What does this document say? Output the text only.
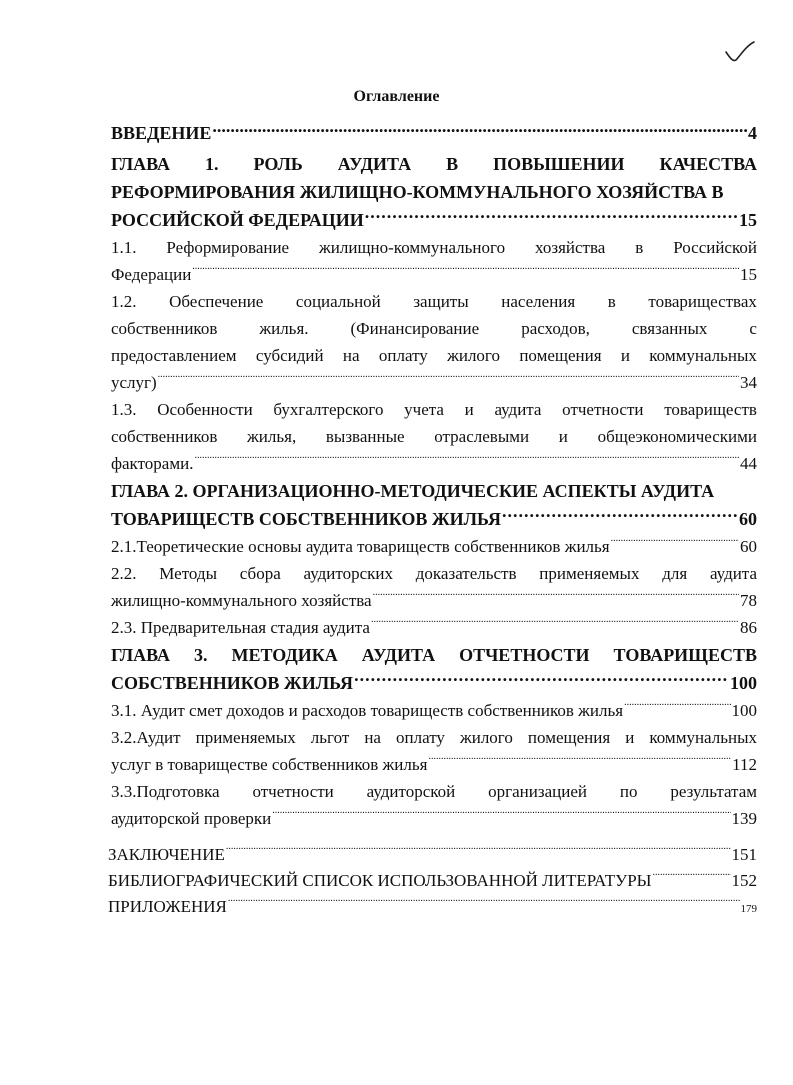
Оглавление
ВВЕДЕНИЕ .....	4
ГЛАВА 1. РОЛЬ АУДИТА В ПОВЫШЕНИИ КАЧЕСТВА
РЕФОРМИРОВАНИЯ ЖИЛИЩНО-КОММУНАЛЬНОГО ХОЗЯЙСТВА В
РОССИЙСКОЙ ФЕДЕРАЦИИ .....	15
1.1. Реформирование жилищно-коммунального хозяйства в Российской
Федерации .....	15
1.2. Обеспечение социальной защиты населения в товариществах
собственников жилья. (Финансирование расходов, связанных с
предоставлением субсидий на оплату жилого помещения и коммунальных
услуг) .....	34
1.3. Особенности бухгалтерского учета и аудита отчетности товариществ
собственников жилья, вызванные отраслевыми и общеэкономическими
факторами. .....	44
ГЛАВА 2. ОРГАНИЗАЦИОННО-МЕТОДИЧЕСКИЕ АСПЕКТЫ АУДИТА
ТОВАРИЩЕСТВ СОБСТВЕННИКОВ ЖИЛЬЯ .....	60
2.1.Теоретические основы аудита товариществ собственников жилья .....	60
2.2. Методы сбора аудиторских доказательств применяемых для аудита
жилищно-коммунального хозяйства .....	78
2.3. Предварительная стадия аудита .....	86
ГЛАВА 3. МЕТОДИКА АУДИТА ОТЧЕТНОСТИ ТОВАРИЩЕСТВ
СОБСТВЕННИКОВ ЖИЛЬЯ .....	100
3.1. Аудит смет доходов и расходов товариществ собственников жилья .....	100
3.2.Аудит применяемых льгот на оплату жилого помещения и коммунальных
услуг в товариществе собственников жилья .....	112
3.3.Подготовка отчетности аудиторской организацией по результатам
аудиторской проверки .....	139
ЗАКЛЮЧЕНИЕ .....	151
БИБЛИОГРАФИЧЕСКИЙ СПИСОК ИСПОЛЬЗОВАННОЙ ЛИТЕРАТУРЫ .....	152
ПРИЛОЖЕНИЯ .....	179
